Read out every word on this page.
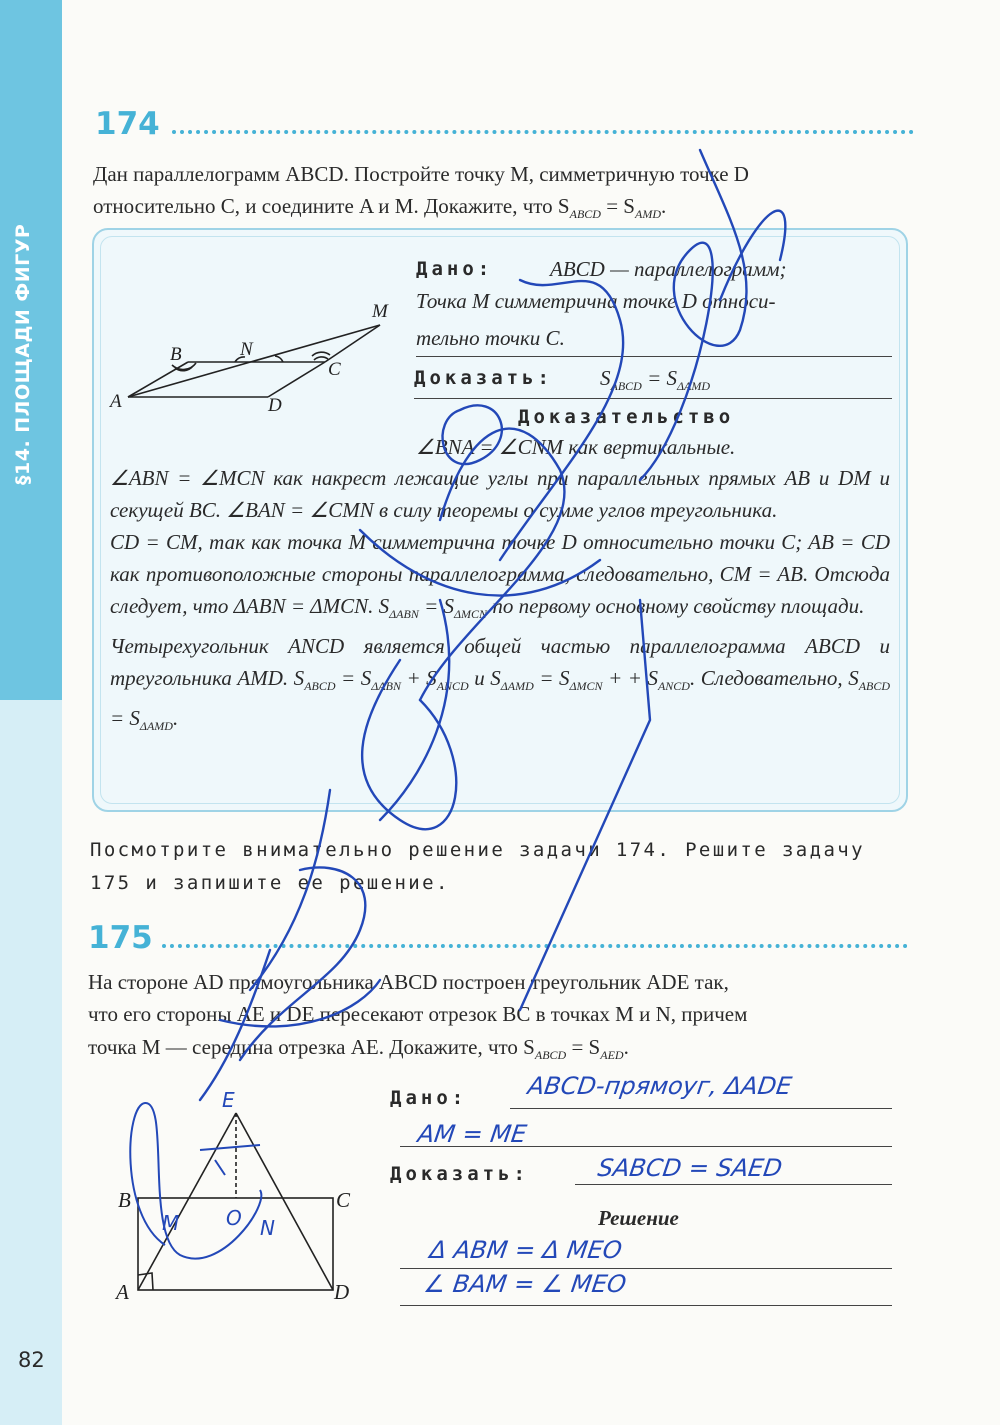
174
Дан параллелограмм ABCD. Постройте точку M, симметричную точке D
относительно C, и соедините A и M. Докажите, что $S_{ABCD} = S_{AMD}$.
A
B
C
D
M
N
Дано:	ABCD — параллелограмм;
Точка M симметрична точке D относи-
тельно точки C.
Доказать: $S_{ABCD} = S_{\Delta AMD}$
Доказательство
∠BNA = ∠CNM как вертикальные.
∠ABN = ∠MCN как накрест лежащие углы при параллельных прямых AB и DM и секущей BC. ∠BAN = ∠CMN в силу теоремы о сумме углов треугольника.
CD = CM, так как точка M симметрична точке D относительно точки C; AB = CD как противоположные стороны параллелограмма, следовательно, CM = AB. Отсюда следует, что ΔABN = ΔMCN. $S_{\Delta ABN} = S_{\Delta MCN}$ по первому основному свойству площади.
Четырехугольник ANCD является общей частью параллелограмма ABCD и треугольника AMD. $S_{ABCD} = S_{\Delta ABN} + S_{ANCD}$ и $S_{\Delta AMD} = S_{\Delta MCN}$ + + $S_{ANCD}$. Следовательно, $S_{ABCD} = S_{\Delta AMD}$.
Посмотрите внимательно решение задачи 174. Решите задачу
175 и запишите ее решение.
175
На стороне AD прямоугольника ABCD построен треугольник ADE так,
что его стороны AE и DE пересекают отрезок BC в точках M и N, причем
точка M — середина отрезка AE. Докажите, что $S_{ABCD} = S_{AED}$.
B	C
A	D
E
M	N
O
Дано: ABCD-прямоуг, ΔADE
AM = ME
Доказать:	SABCD = SAED
Решение
Δ ABM = Δ MEO
∠ BAM = ∠ MEO
82
